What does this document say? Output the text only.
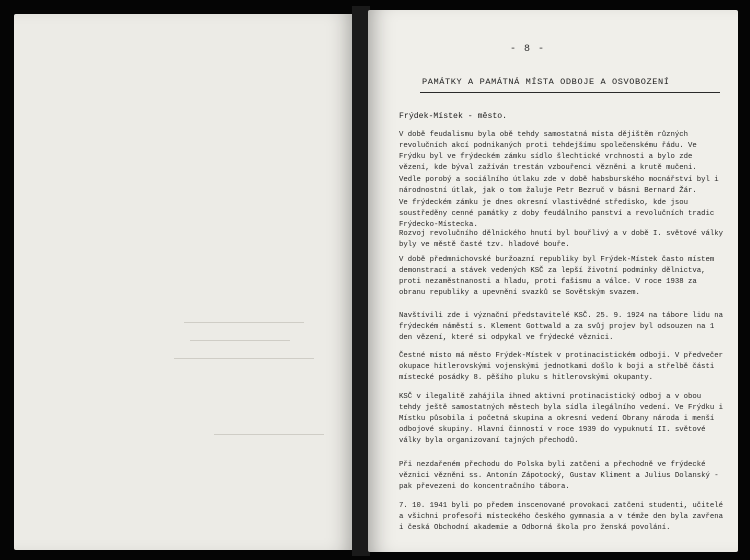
- 8 -
PAMÁTKY A PAMÁTNÁ MÍSTA ODBOJE A OSVOBOZENÍ
Frýdek-Místek - město.

V době feudalismu byla obě tehdy samostatná místa dějištěm různých revolučních akcí podnikaných proti tehdejšímu společenskému řádu. Ve Frýdku byl ve frýdeckém zámku sídlo šlechtické vrchnosti a bylo zde vězení, kde býval zažíván trestán vzbouřenci vězněni a krutě mučeni.

Vedle porobý a sociálního útlaku zde v době habsburského mocnářství byl i národnostní útlak, jak o tom žaluje Petr Bezruč v básni Bernard Žár.

Ve frýdeckém zámku je dnes okresní vlastivědné středisko, kde jsou soustředěny cenné památky z doby feudálního panství a revolučních tradic Frýdecko-Místecka.

Rozvoj revolučního dělnického hnutí byl bouřlivý a v době I. světové války byly ve městě časté tzv. hladové bouře.

V době předmnichovské buržoazní republiky byl Frýdek-Místek často místem demonstrací a stávek vedených KSČ za lepší životní podmínky dělnictva, proti nezaměstnanosti a hladu, proti fašismu a válce. V roce 1938 za obranu republiky a upevnění svazků se Sovětským svazem.

Navštívili zde i význační představitelé KSČ. 25. 9. 1924 na tábore lidu na frýdeckém náměstí s. Klement Gottwald a za svůj projev byl odsouzen na 1 den vězení, které si odpykal ve frýdecké věznici.

Čestné místo má město Frýdek-Místek v protinacistickém odboji. V předvečer okupace hitlerovskými vojenskými jednotkami došlo k boji a střelbě části místecké posádky 8. pěšího pluku s hitlerovskými okupanty.

KSČ v ilegalitě zahájila ihned aktivní protinacistický odboj a v obou tehdy ještě samostatných městech byla sídla ilegálního vedení. Ve Frýdku i Místku působila i početná skupina a okresní vedení Obrany národa i menší odbojové skupiny. Hlavní činností v roce 1939 do vypuknutí II. světové války byla organizovaní tajných přechodů.

Při nezdařeném přechodu do Polska byli zatčeni a přechodně ve frýdecké věznici vězněni ss. Antonín Zápotocký, Gustav Kliment a Julius Dolanský - pak převezeni do koncentračního tábora.

7. 10. 1941 byli po předem inscenované provokaci zatčeni studenti, učitelé a všichni profesoři místeckého českého gymnasia a v témže den byla zavřena i česká Obchodní akademie a Odborná škola pro ženská povolání.
